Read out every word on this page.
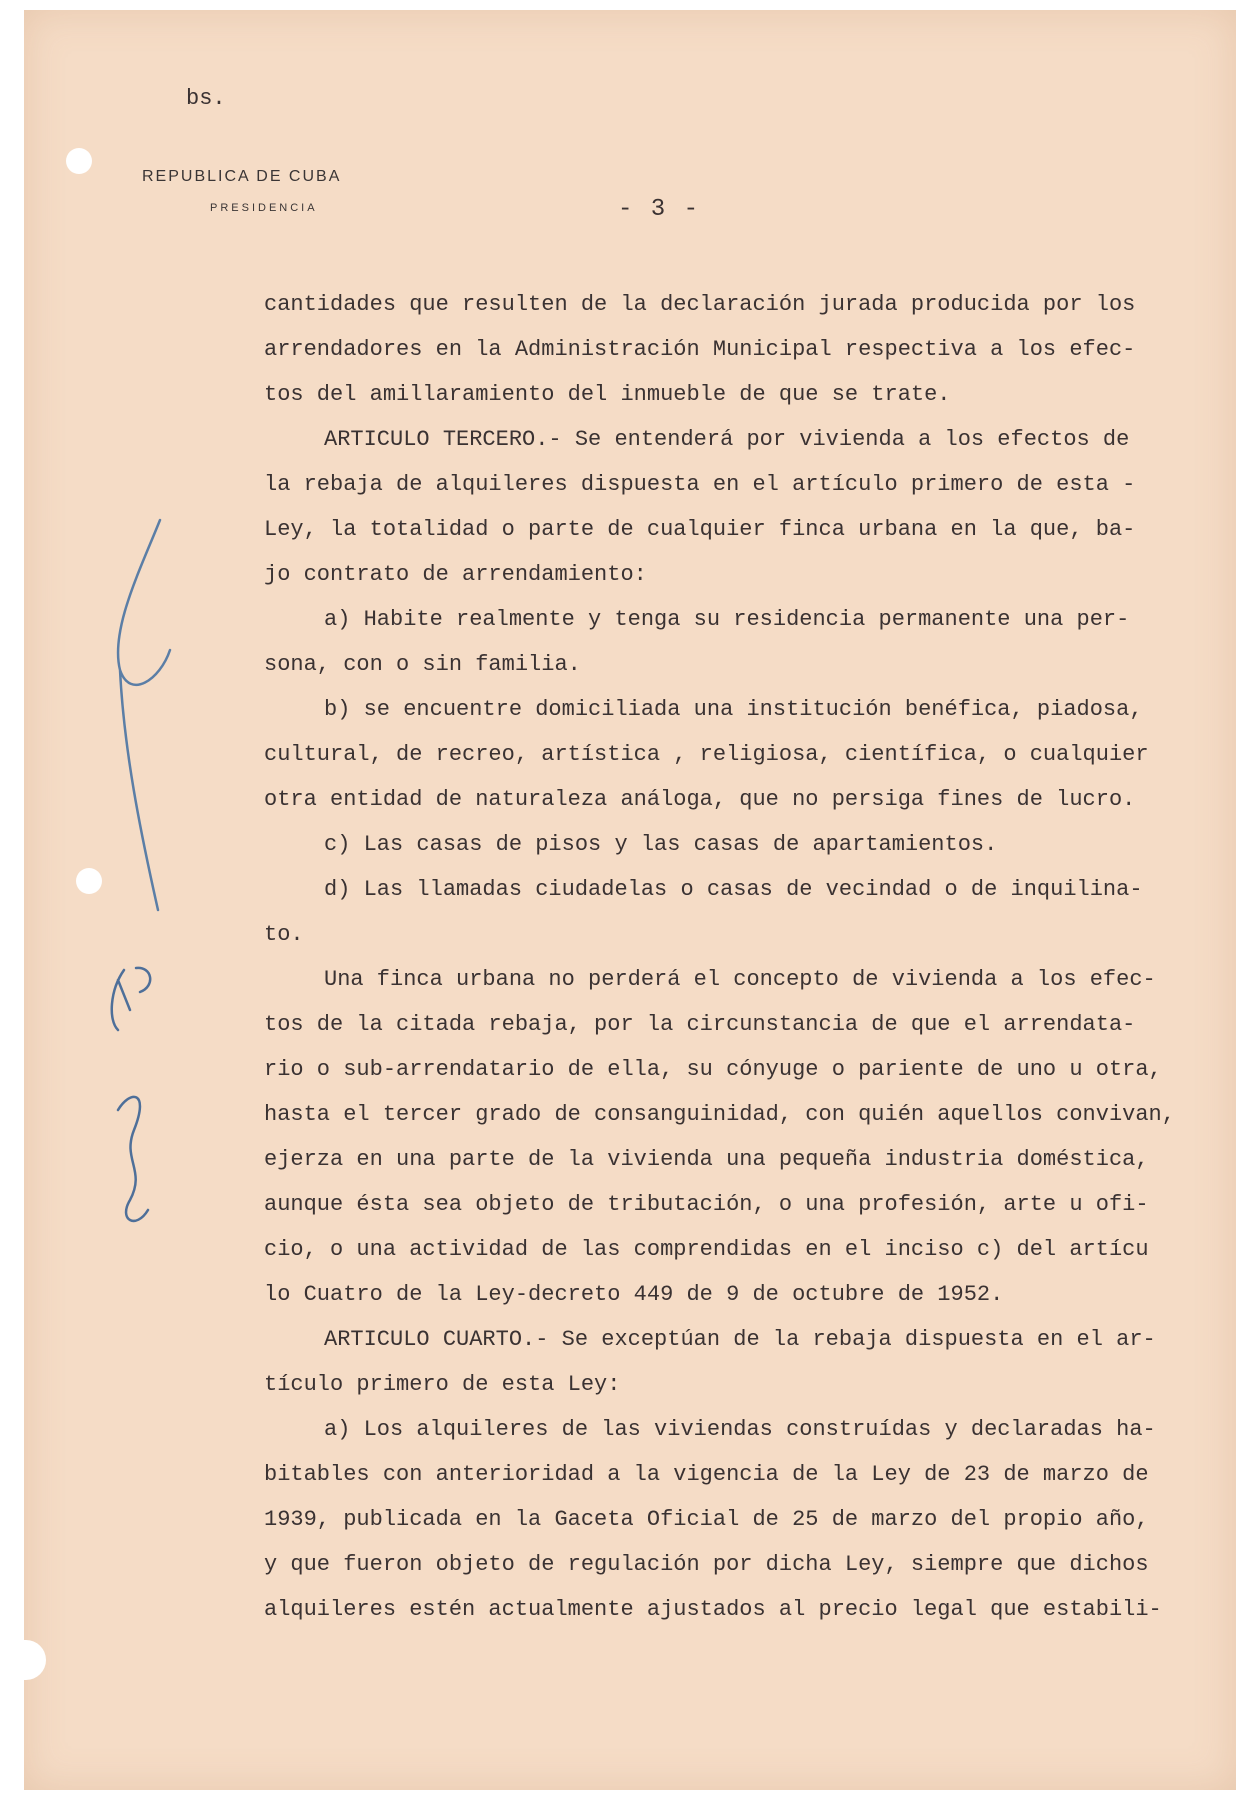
bs.
REPUBLICA DE CUBA
PRESIDENCIA	- 3 -
cantidades que resulten de la declaración jurada producida por los
arrendadores en la Administración Municipal respectiva a los efec-
tos del amillaramiento del inmueble de que se trate.
ARTICULO TERCERO.- Se entenderá por vivienda a los efectos de
la rebaja de alquileres dispuesta en el artículo primero de esta -
Ley, la totalidad o parte de cualquier finca urbana en la que, ba-
jo contrato de arrendamiento:
a) Habite realmente y tenga su residencia permanente una per-
sona, con o sin familia.
b) se encuentre domiciliada una institución benéfica, piadosa,
cultural, de recreo, artística , religiosa, científica, o cualquier
otra entidad de naturaleza análoga, que no persiga fines de lucro.
c) Las casas de pisos y las casas de apartamientos.
d) Las llamadas ciudadelas o casas de vecindad o de inquilina-
to.
Una finca urbana no perderá el concepto de vivienda a los efec-
tos de la citada rebaja, por la circunstancia de que el arrendata-
rio o sub-arrendatario de ella, su cónyuge o pariente de uno u otra,
hasta el tercer grado de consanguinidad, con quién aquellos convivan,
ejerza en una parte de la vivienda una pequeña industria doméstica,
aunque ésta sea objeto de tributación, o una profesión, arte u ofi-
cio, o una actividad de las comprendidas en el inciso c) del artícu
lo Cuatro de la Ley-decreto 449 de 9 de octubre de 1952.
ARTICULO CUARTO.- Se exceptúan de la rebaja dispuesta en el ar-
tículo primero de esta Ley:
a) Los alquileres de las viviendas construídas y declaradas ha-
bitables con anterioridad a la vigencia de la Ley de 23 de marzo de
1939, publicada en la Gaceta Oficial de 25 de marzo del propio año,
y que fueron objeto de regulación por dicha Ley, siempre que dichos
alquileres estén actualmente ajustados al precio legal que estabili-
